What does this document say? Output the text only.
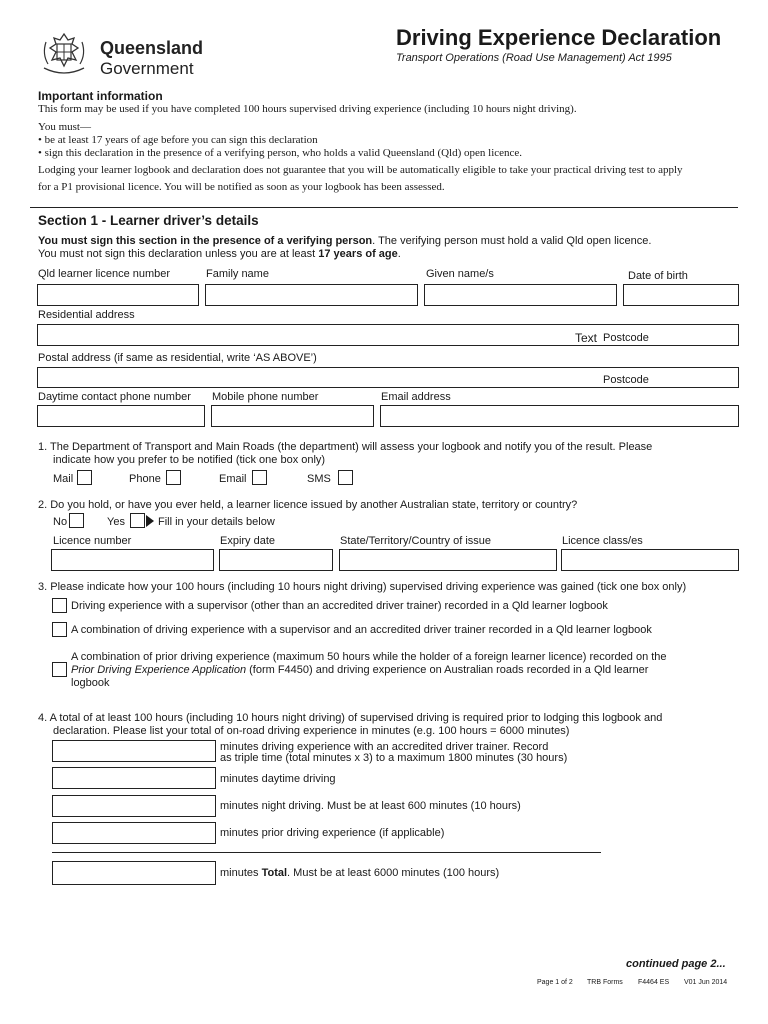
Queensland
Government
Driving Experience Declaration
Transport Operations (Road Use Management) Act 1995
Important information
This form may be used if you have completed 100 hours supervised driving experience (including 10 hours night driving).
You must—
• be at least 17 years of age before you can sign this declaration
• sign this declaration in the presence of a verifying person, who holds a valid Queensland (Qld) open licence.
Lodging your learner logbook and declaration does not guarantee that you will be automatically eligible to take your practical driving test to apply
for a P1 provisional licence. You will be notified as soon as your logbook has been assessed.
Section 1 - Learner driver’s details
You must sign this section in the presence of a verifying person. The verifying person must hold a valid Qld open licence.
You must not sign this declaration unless you are at least 17 years of age.
Qld learner licence number	Family name	Given name/s	Date of birth
Residential address
Text Postcode
Postal address (if same as residential, write ‘AS ABOVE’)
Postcode
Daytime contact phone number Mobile phone number	Email address
1. The Department of Transport and Main Roads (the department) will assess your logbook and notify you of the result. Please
indicate how you prefer to be notified (tick one box only)
Mail	Phone	Email	SMS
2. Do you hold, or have you ever held, a learner licence issued by another Australian state, territory or country?
No	Yes	Fill in your details below
Licence number	Expiry date	State/Territory/Country of issue	Licence class/es
3. Please indicate how your 100 hours (including 10 hours night driving) supervised driving experience was gained (tick one box only)
Driving experience with a supervisor (other than an accredited driver trainer) recorded in a Qld learner logbook
A combination of driving experience with a supervisor and an accredited driver trainer recorded in a Qld learner logbook
A combination of prior driving experience (maximum 50 hours while the holder of a foreign learner licence) recorded on the
Prior Driving Experience Application (form F4450) and driving experience on Australian roads recorded in a Qld learner
logbook
4. A total of at least 100 hours (including 10 hours night driving) of supervised driving is required prior to lodging this logbook and
declaration. Please list your total of on-road driving experience in minutes (e.g. 100 hours = 6000 minutes)
minutes driving experience with an accredited driver trainer. Record
as triple time (total minutes x 3) to a maximum 1800 minutes (30 hours)
minutes daytime driving
minutes night driving. Must be at least 600 minutes (10 hours)
minutes prior driving experience (if applicable)
minutes Total. Must be at least 6000 minutes (100 hours)
continued page 2...
Page 1 of 2 TRB Forms F4464 ES V01 Jun 2014
